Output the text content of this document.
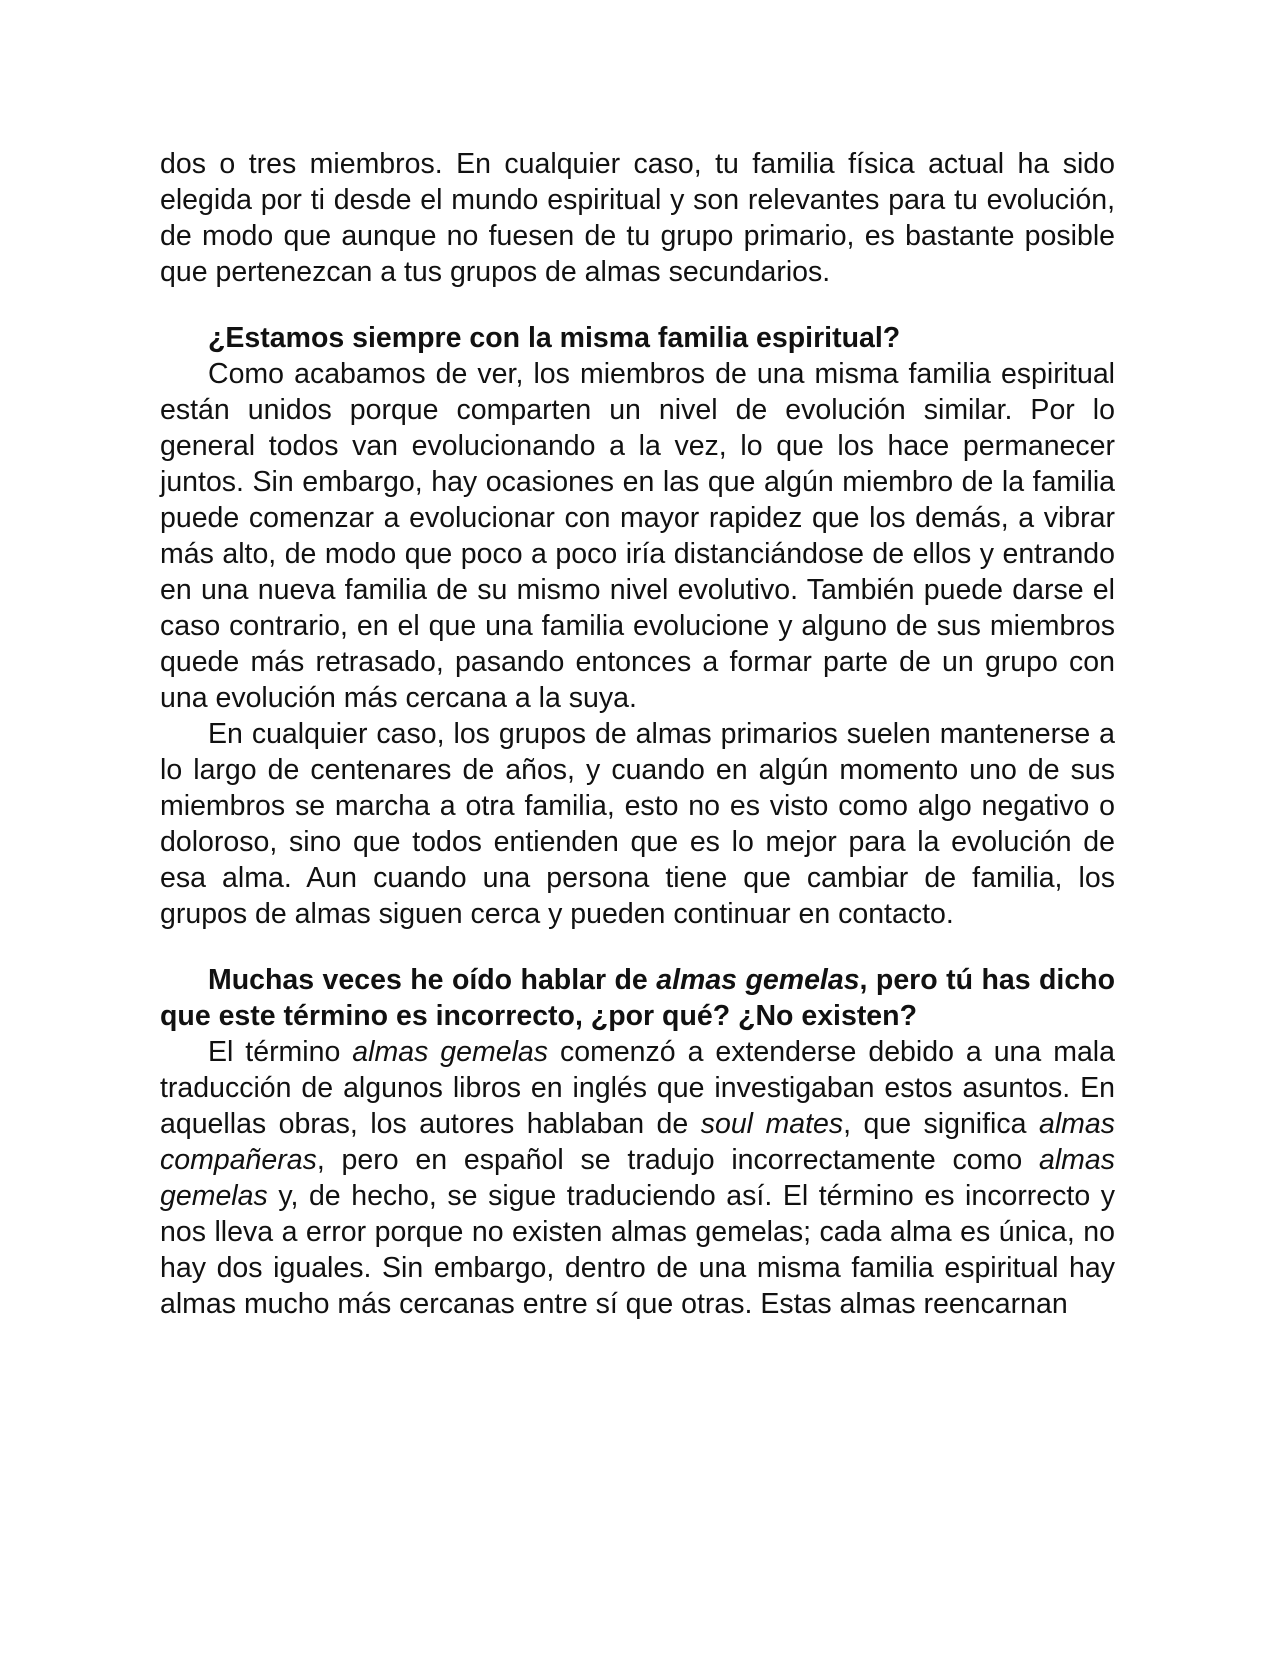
dos o tres miembros. En cualquier caso, tu familia física actual ha sido elegida por ti desde el mundo espiritual y son relevantes para tu evolución, de modo que aunque no fuesen de tu grupo primario, es bastante posible que pertenezcan a tus grupos de almas secundarios.

¿Estamos siempre con la misma familia espiritual?

Como acabamos de ver, los miembros de una misma familia espiritual están unidos porque comparten un nivel de evolución similar. Por lo general todos van evolucionando a la vez, lo que los hace permanecer juntos. Sin embargo, hay ocasiones en las que algún miembro de la familia puede comenzar a evolucionar con mayor rapidez que los demás, a vibrar más alto, de modo que poco a poco iría distanciándose de ellos y entrando en una nueva familia de su mismo nivel evolutivo. También puede darse el caso contrario, en el que una familia evolucione y alguno de sus miembros quede más retrasado, pasando entonces a formar parte de un grupo con una evolución más cercana a la suya.

En cualquier caso, los grupos de almas primarios suelen mantenerse a lo largo de centenares de años, y cuando en algún momento uno de sus miembros se marcha a otra familia, esto no es visto como algo negativo o doloroso, sino que todos entienden que es lo mejor para la evolución de esa alma. Aun cuando una persona tiene que cambiar de familia, los grupos de almas siguen cerca y pueden continuar en contacto.

Muchas veces he oído hablar de almas gemelas, pero tú has dicho que este término es incorrecto, ¿por qué? ¿No existen?

El término almas gemelas comenzó a extenderse debido a una mala traducción de algunos libros en inglés que investigaban estos asuntos. En aquellas obras, los autores hablaban de soul mates, que significa almas compañeras, pero en español se tradujo incorrectamente como almas gemelas y, de hecho, se sigue traduciendo así. El término es incorrecto y nos lleva a error porque no existen almas gemelas; cada alma es única, no hay dos iguales. Sin embargo, dentro de una misma familia espiritual hay almas mucho más cercanas entre sí que otras. Estas almas reencarnan
